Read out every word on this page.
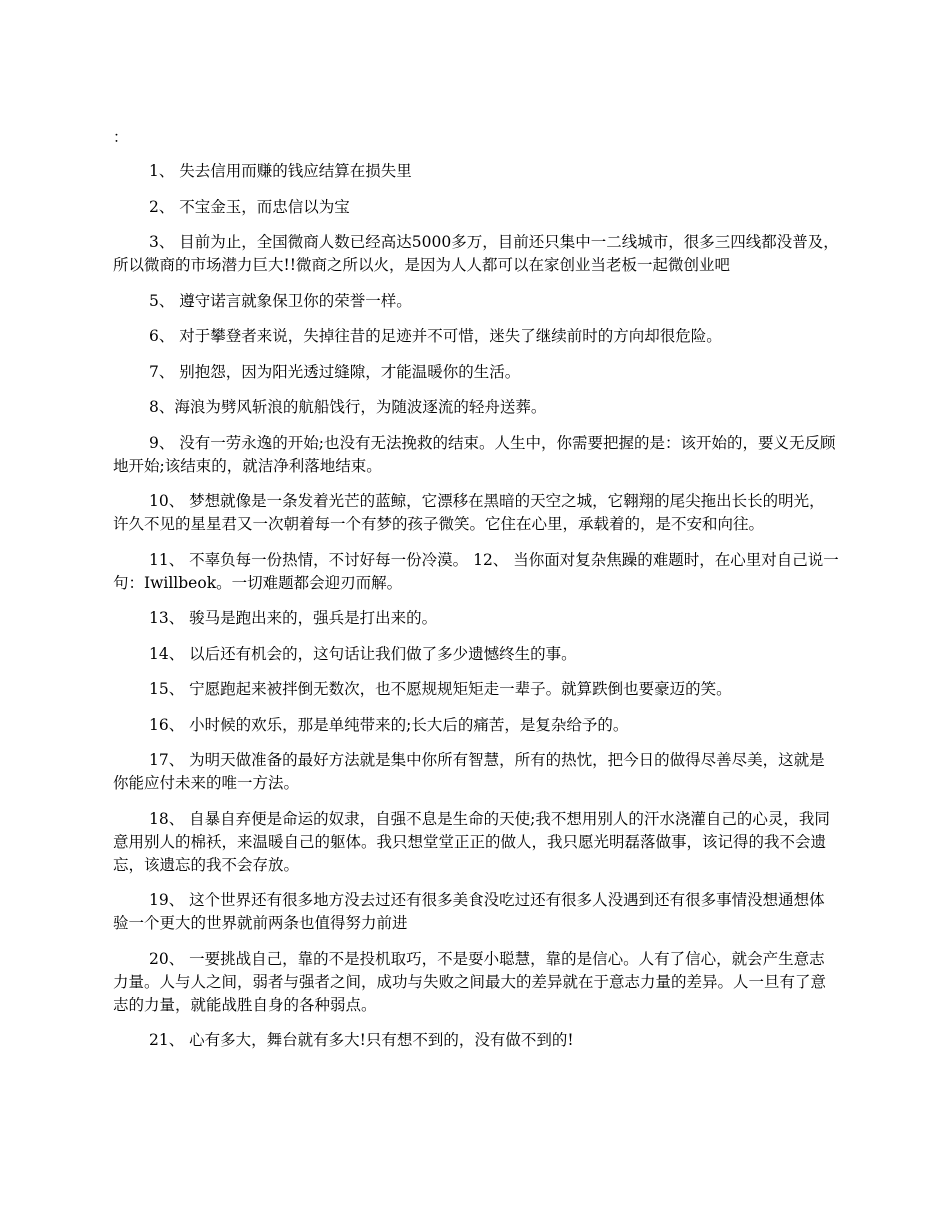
：

1、 失去信用而赚的钱应结算在损失里

2、 不宝金玉，而忠信以为宝

3、 目前为止，全国微商人数已经高达5000多万，目前还只集中一二线城市，很多三四线都没普及，所以微商的市场潜力巨大!!微商之所以火，是因为人人都可以在家创业当老板一起微创业吧

5、 遵守诺言就象保卫你的荣誉一样。

6、 对于攀登者来说，失掉往昔的足迹并不可惜，迷失了继续前时的方向却很危险。

7、 别抱怨，因为阳光透过缝隙，才能温暖你的生活。

8、海浪为劈风斩浪的航船饯行，为随波逐流的轻舟送葬。

9、 没有一劳永逸的开始;也没有无法挽救的结束。人生中，你需要把握的是：该开始的，要义无反顾地开始;该结束的，就洁净利落地结束。

10、 梦想就像是一条发着光芒的蓝鲸，它漂移在黑暗的天空之城，它翱翔的尾尖拖出长长的明光，许久不见的星星君又一次朝着每一个有梦的孩子微笑。它住在心里，承载着的，是不安和向往。

11、 不辜负每一份热情，不讨好每一份冷漠。 12、 当你面对复杂焦躁的难题时，在心里对自己说一句：Iwillbeok。一切难题都会迎刃而解。

13、 骏马是跑出来的，强兵是打出来的。

14、 以后还有机会的，这句话让我们做了多少遗憾终生的事。

15、 宁愿跑起来被拌倒无数次，也不愿规规矩矩走一辈子。就算跌倒也要豪迈的笑。

16、 小时候的欢乐，那是单纯带来的;长大后的痛苦，是复杂给予的。

17、 为明天做准备的最好方法就是集中你所有智慧，所有的热忱，把今日的做得尽善尽美，这就是你能应付未来的唯一方法。

18、 自暴自弃便是命运的奴隶，自强不息是生命的天使;我不想用别人的汗水浇灌自己的心灵，我同意用别人的棉袄，来温暖自己的躯体。我只想堂堂正正的做人，我只愿光明磊落做事，该记得的我不会遗忘，该遗忘的我不会存放。

19、 这个世界还有很多地方没去过还有很多美食没吃过还有很多人没遇到还有很多事情没想通想体验一个更大的世界就前两条也值得努力前进

20、 一要挑战自己，靠的不是投机取巧，不是耍小聪慧，靠的是信心。人有了信心，就会产生意志力量。人与人之间，弱者与强者之间，成功与失败之间最大的差异就在于意志力量的差异。人一旦有了意志的力量，就能战胜自身的各种弱点。

21、 心有多大，舞台就有多大!只有想不到的，没有做不到的!
